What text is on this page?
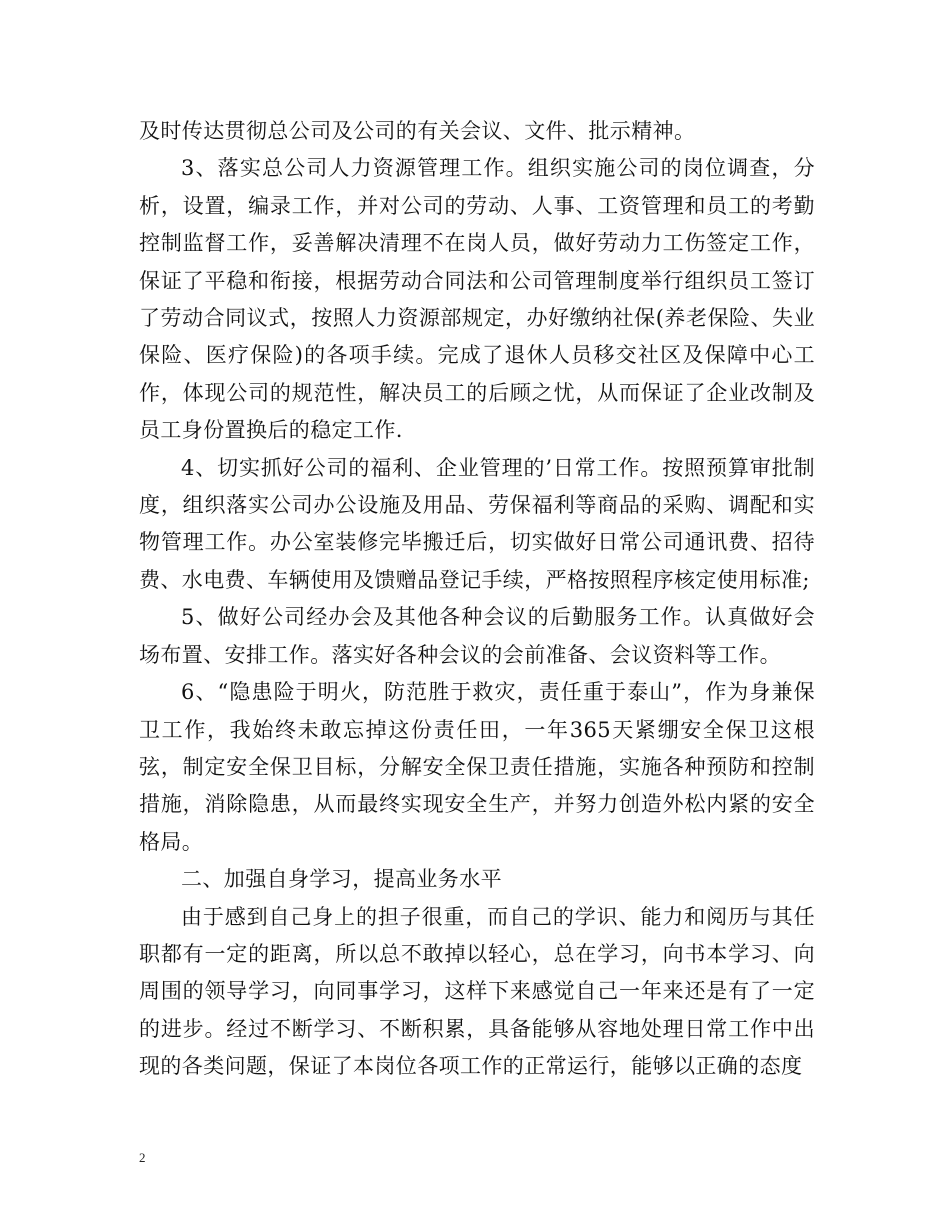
及时传达贯彻总公司及公司的有关会议、文件、批示精神。

3、落实总公司人力资源管理工作。组织实施公司的岗位调查，分析，设置，编录工作，并对公司的劳动、人事、工资管理和员工的考勤控制监督工作，妥善解决清理不在岗人员，做好劳动力工伤签定工作，保证了平稳和衔接，根据劳动合同法和公司管理制度举行组织员工签订了劳动合同议式，按照人力资源部规定，办好缴纳社保(养老保险、失业保险、医疗保险)的各项手续。完成了退休人员移交社区及保障中心工作，体现公司的规范性，解决员工的后顾之忧，从而保证了企业改制及员工身份置换后的稳定工作.

4、切实抓好公司的福利、企业管理的’日常工作。按照预算审批制度，组织落实公司办公设施及用品、劳保福利等商品的采购、调配和实物管理工作。办公室装修完毕搬迁后，切实做好日常公司通讯费、招待费、水电费、车辆使用及馈赠品登记手续，严格按照程序核定使用标准;

5、做好公司经办会及其他各种会议的后勤服务工作。认真做好会场布置、安排工作。落实好各种会议的会前准备、会议资料等工作。

6、“隐患险于明火，防范胜于救灾，责任重于泰山”，作为身兼保卫工作，我始终未敢忘掉这份责任田，一年365天紧绷安全保卫这根弦，制定安全保卫目标，分解安全保卫责任措施，实施各种预防和控制措施，消除隐患，从而最终实现安全生产，并努力创造外松内紧的安全格局。

二、加强自身学习，提高业务水平

由于感到自己身上的担子很重，而自己的学识、能力和阅历与其任职都有一定的距离，所以总不敢掉以轻心，总在学习，向书本学习、向周围的领导学习，向同事学习，这样下来感觉自己一年来还是有了一定的进步。经过不断学习、不断积累，具备能够从容地处理日常工作中出现的各类问题，保证了本岗位各项工作的正常运行，能够以正确的态度

2
